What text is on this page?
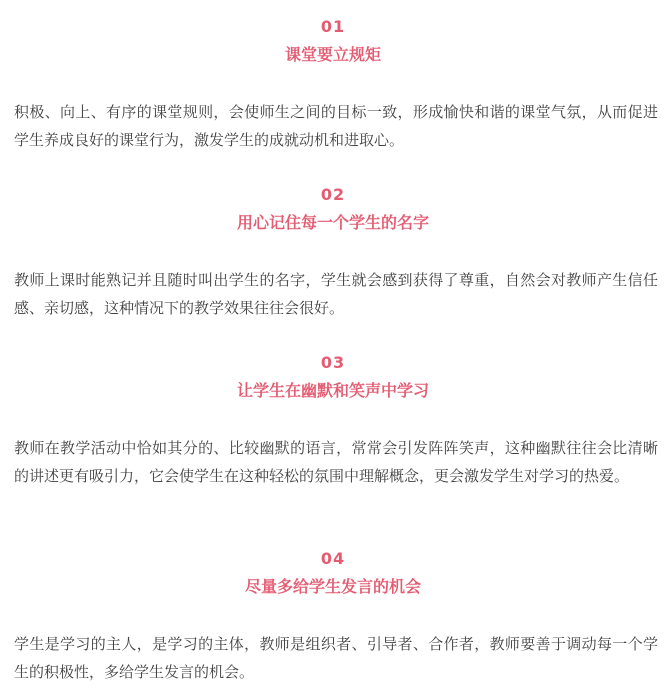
01
课堂要立规矩
积极、向上、有序的课堂规则，会使师生之间的目标一致，形成愉快和谐的课堂气氛，从而促进学生养成良好的课堂行为，激发学生的成就动机和进取心。
02
用心记住每一个学生的名字
教师上课时能熟记并且随时叫出学生的名字，学生就会感到获得了尊重，自然会对教师产生信任感、亲切感，这种情况下的教学效果往往会很好。
03
让学生在幽默和笑声中学习
教师在教学活动中恰如其分的、比较幽默的语言，常常会引发阵阵笑声，这种幽默往往会比清晰的讲述更有吸引力，它会使学生在这种轻松的氛围中理解概念，更会激发学生对学习的热爱。
04
尽量多给学生发言的机会
学生是学习的主人，是学习的主体，教师是组织者、引导者、合作者，教师要善于调动每一个学生的积极性，多给学生发言的机会。
